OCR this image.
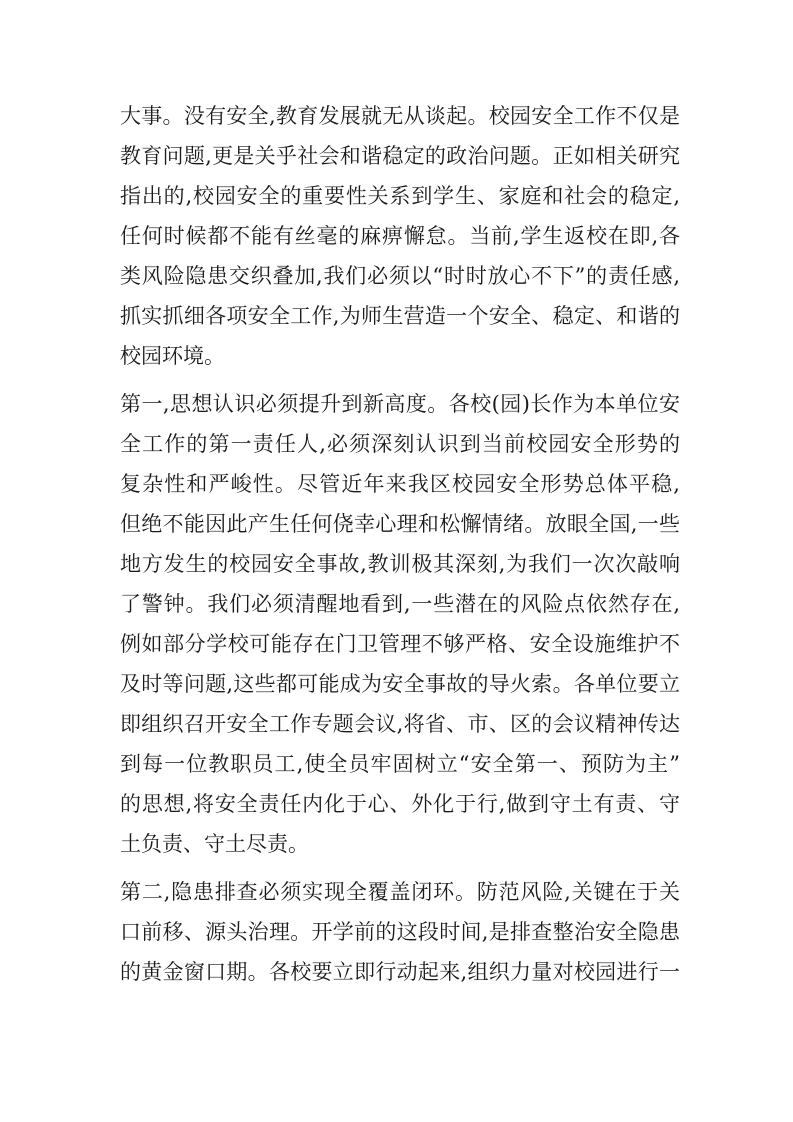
大事。没有安全,教育发展就无从谈起。校园安全工作不仅是
教育问题,更是关乎社会和谐稳定的政治问题。正如相关研究
指出的,校园安全的重要性关系到学生、家庭和社会的稳定,
任何时候都不能有丝毫的麻痹懈怠。当前,学生返校在即,各
类风险隐患交织叠加,我们必须以“时时放心不下”的责任感,
抓实抓细各项安全工作,为师生营造一个安全、稳定、和谐的
校园环境。
第一,思想认识必须提升到新高度。各校(园)长作为本单位安
全工作的第一责任人,必须深刻认识到当前校园安全形势的
复杂性和严峻性。尽管近年来我区校园安全形势总体平稳,
但绝不能因此产生任何侥幸心理和松懈情绪。放眼全国,一些
地方发生的校园安全事故,教训极其深刻,为我们一次次敲响
了警钟。我们必须清醒地看到,一些潜在的风险点依然存在,
例如部分学校可能存在门卫管理不够严格、安全设施维护不
及时等问题,这些都可能成为安全事故的导火索。各单位要立
即组织召开安全工作专题会议,将省、市、区的会议精神传达
到每一位教职员工,使全员牢固树立“安全第一、预防为主”
的思想,将安全责任内化于心、外化于行,做到守土有责、守
土负责、守土尽责。
第二,隐患排查必须实现全覆盖闭环。防范风险,关键在于关
口前移、源头治理。开学前的这段时间,是排查整治安全隐患
的黄金窗口期。各校要立即行动起来,组织力量对校园进行一
